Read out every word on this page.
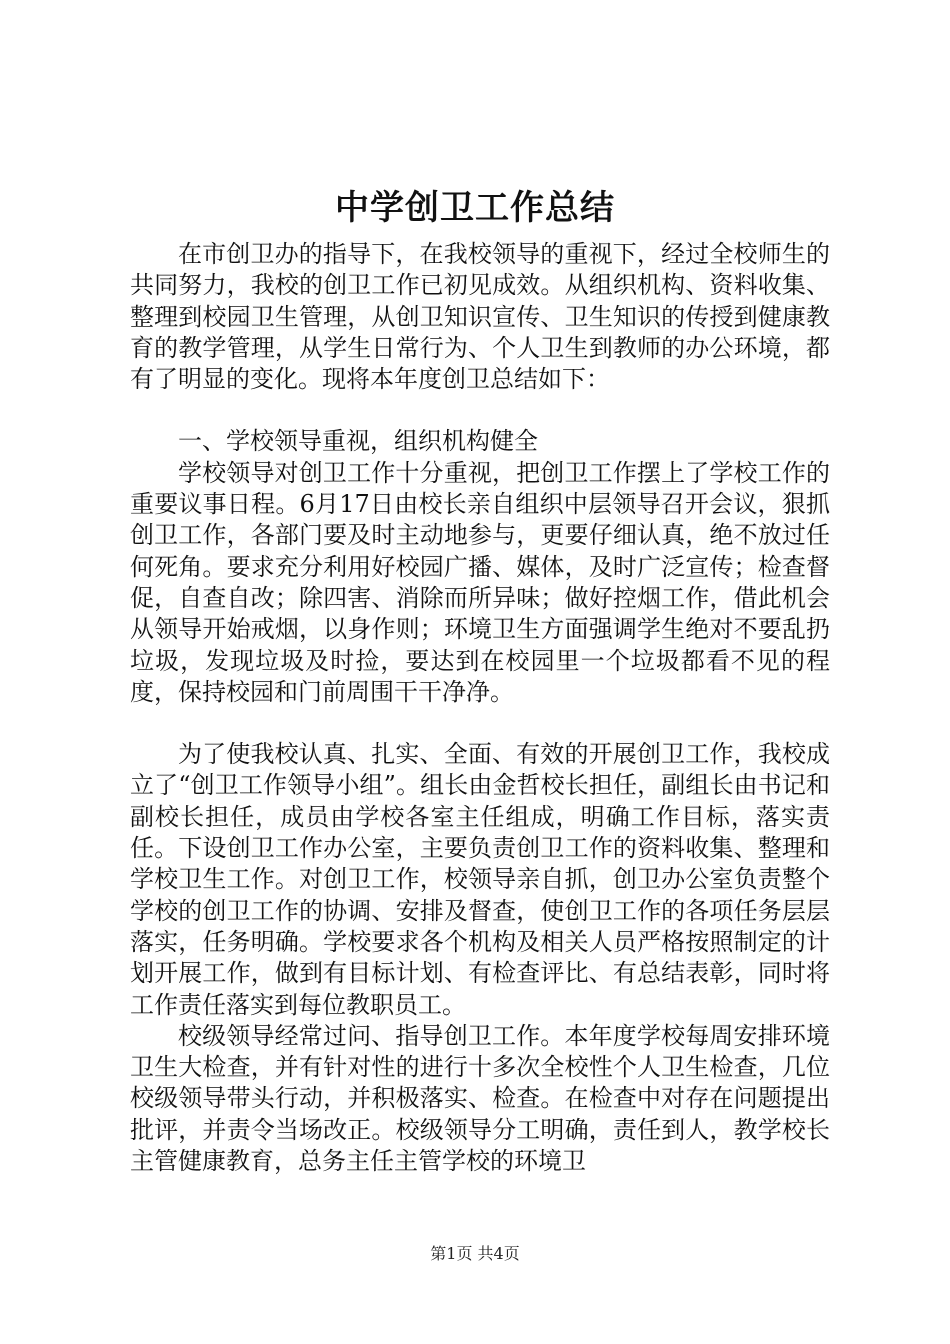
中学创卫工作总结

在市创卫办的指导下，在我校领导的重视下，经过全校师生的共同努力，我校的创卫工作已初见成效。从组织机构、资料收集、整理到校园卫生管理，从创卫知识宣传、卫生知识的传授到健康教育的教学管理，从学生日常行为、个人卫生到教师的办公环境，都有了明显的变化。现将本年度创卫总结如下：

一、学校领导重视，组织机构健全

学校领导对创卫工作十分重视，把创卫工作摆上了学校工作的重要议事日程。6月17日由校长亲自组织中层领导召开会议，狠抓创卫工作，各部门要及时主动地参与，更要仔细认真，绝不放过任何死角。要求充分利用好校园广播、媒体，及时广泛宣传；检查督促，自查自改；除四害、消除而所异味；做好控烟工作，借此机会从领导开始戒烟，以身作则；环境卫生方面强调学生绝对不要乱扔垃圾，发现垃圾及时捡，要达到在校园里一个垃圾都看不见的程度，保持校园和门前周围干干净净。

为了使我校认真、扎实、全面、有效的开展创卫工作，我校成立了“创卫工作领导小组”。组长由金哲校长担任，副组长由书记和副校长担任，成员由学校各室主任组成，明确工作目标，落实责任。下设创卫工作办公室，主要负责创卫工作的资料收集、整理和学校卫生工作。对创卫工作，校领导亲自抓，创卫办公室负责整个学校的创卫工作的协调、安排及督查，使创卫工作的各项任务层层落实，任务明确。学校要求各个机构及相关人员严格按照制定的计划开展工作，做到有目标计划、有检查评比、有总结表彰，同时将工作责任落实到每位教职员工。

校级领导经常过问、指导创卫工作。本年度学校每周安排环境卫生大检查，并有针对性的进行十多次全校性个人卫生检查，几位校级领导带头行动，并积极落实、检查。在检查中对存在问题提出批评，并责令当场改正。校级领导分工明确，责任到人，教学校长主管健康教育，总务主任主管学校的环境卫

第1页 共4页
